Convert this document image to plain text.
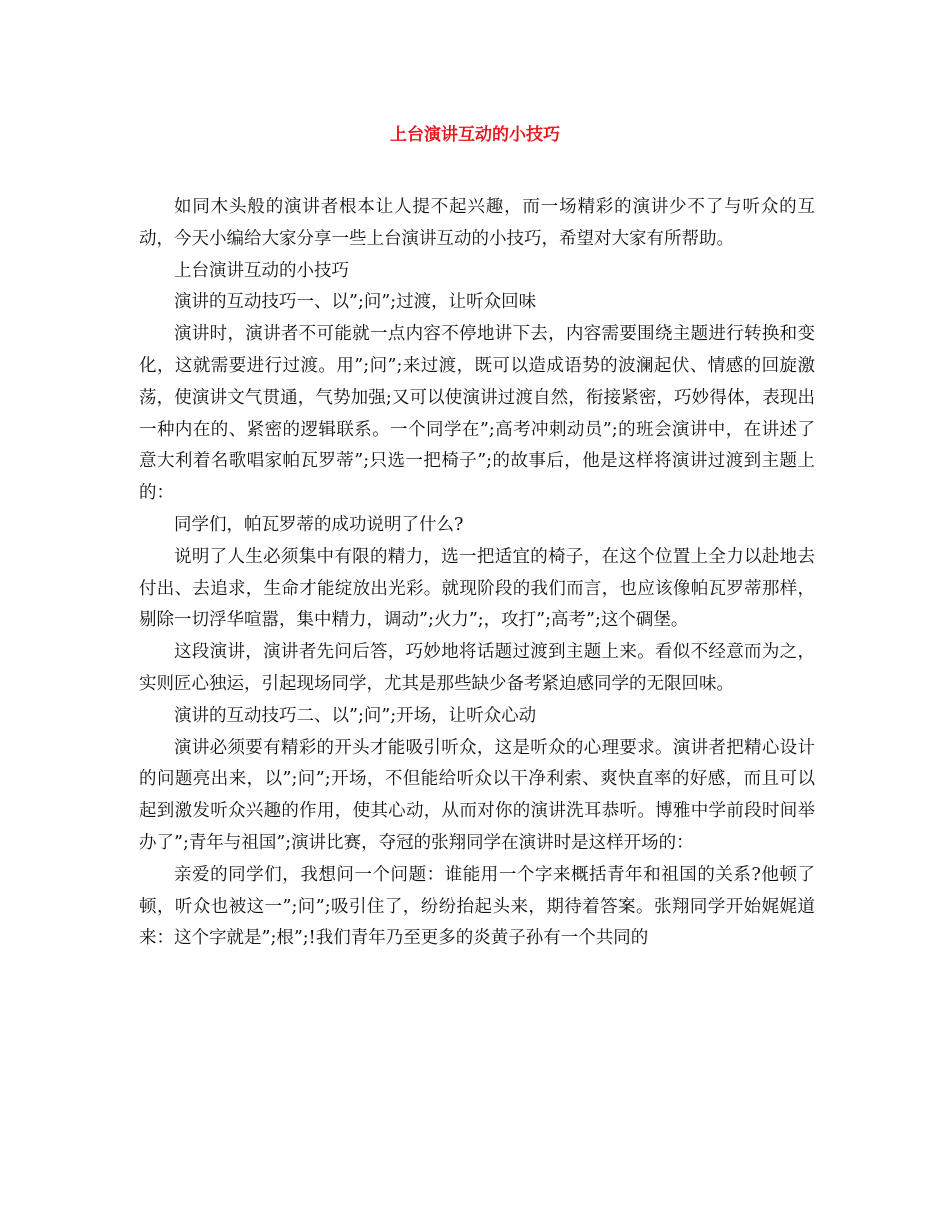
上台演讲互动的小技巧

如同木头般的演讲者根本让人提不起兴趣，而一场精彩的演讲少不了与听众的互动，今天小编给大家分享一些上台演讲互动的小技巧，希望对大家有所帮助。

上台演讲互动的小技巧

演讲的互动技巧一、以”;问”;过渡，让听众回味

演讲时，演讲者不可能就一点内容不停地讲下去，内容需要围绕主题进行转换和变化，这就需要进行过渡。用”;问”;来过渡，既可以造成语势的波澜起伏、情感的回旋激荡，使演讲文气贯通，气势加强;又可以使演讲过渡自然，衔接紧密，巧妙得体，表现出一种内在的、紧密的逻辑联系。一个同学在”;高考冲刺动员”;的班会演讲中，在讲述了意大利着名歌唱家帕瓦罗蒂”;只选一把椅子”;的故事后，他是这样将演讲过渡到主题上的：

同学们，帕瓦罗蒂的成功说明了什么?

说明了人生必须集中有限的精力，选一把适宜的椅子，在这个位置上全力以赴地去付出、去追求，生命才能绽放出光彩。就现阶段的我们而言，也应该像帕瓦罗蒂那样，剔除一切浮华喧嚣，集中精力，调动”;火力”;，攻打”;高考”;这个碉堡。

这段演讲，演讲者先问后答，巧妙地将话题过渡到主题上来。看似不经意而为之，实则匠心独运，引起现场同学，尤其是那些缺少备考紧迫感同学的无限回味。

演讲的互动技巧二、以”;问”;开场，让听众心动

演讲必须要有精彩的开头才能吸引听众，这是听众的心理要求。演讲者把精心设计的问题亮出来，以”;问”;开场，不但能给听众以干净利索、爽快直率的好感，而且可以起到激发听众兴趣的作用，使其心动，从而对你的演讲洗耳恭听。博雅中学前段时间举办了”;青年与祖国”;演讲比赛，夺冠的张翔同学在演讲时是这样开场的：

亲爱的同学们，我想问一个问题：谁能用一个字来概括青年和祖国的关系?他顿了顿，听众也被这一”;问”;吸引住了，纷纷抬起头来，期待着答案。张翔同学开始娓娓道来：这个字就是”;根”;!我们青年乃至更多的炎黄子孙有一个共同的
